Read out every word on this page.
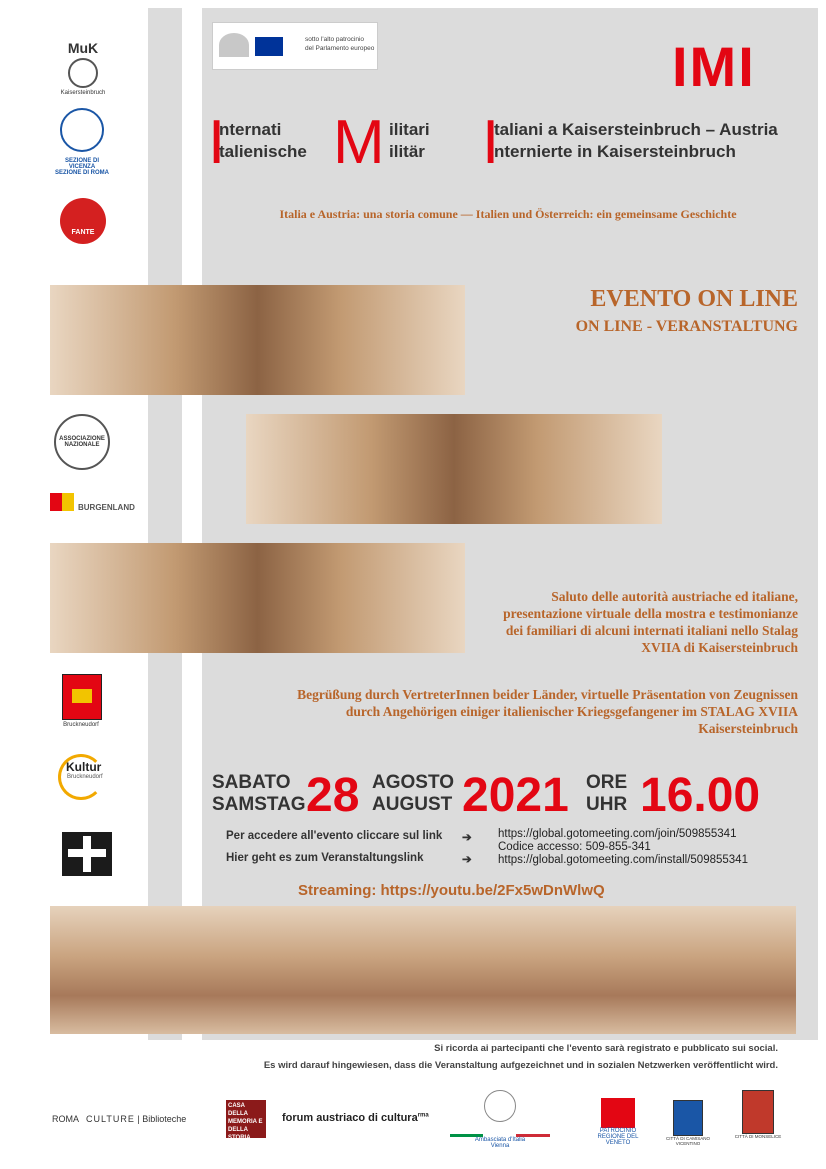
MuK
Kaisersteinbruch
SEZIONE DI VICENZA
SEZIONE DI ROMA
FANTE
ASSOCIAZIONE NAZIONALE
BURGENLAND
Bruckneudorf
Kultur
Bruckneudorf
sotto l'alto patrocinio
del Parlamento europeo	IMI
I
nternati
talienische M ilitari
ilitär I
taliani a Kaisersteinbruch – Austria
nternierte in Kaisersteinbruch
Italia e Austria: una storia comune — Italien und Österreich: ein gemeinsame Geschichte
EVENTO ON LINE
ON LINE - VERANSTALTUNG
Saluto delle autorità austriache ed italiane, presentazione virtuale della mostra e testimonianze dei familiari di alcuni internati italiani nello Stalag XVIIA di Kaisersteinbruch
Begrüßung durch VertreterInnen beider Länder, virtuelle Präsentation von Zeugnissen durch Angehörigen einiger italienischer Kriegsgefangener im STALAG XVIIA Kaisersteinbruch
SABATO
SAMSTAG 28 AGOSTO
AUGUST 2021 ORE
UHR 16.00
Per accedere all'evento cliccare sul link ➔
Hier geht es zum Veranstaltungslink	➔
https://global.gotomeeting.com/join/509855341
Codice accesso: 509-855-341
https://global.gotomeeting.com/install/509855341
Streaming: https://youtu.be/2Fx5wDnWlwQ
Si ricorda ai partecipanti che l'evento sarà registrato e pubblicato sui social.
Es wird darauf hingewiesen, dass die Veranstaltung aufgezeichnet und in sozialen Netzwerken veröffentlicht wird.
ROMA CULTURE | Biblioteche
CASA DELLA MEMORIA E DELLA STORIA
forum austriaco di cultura$^{rma}$
Ambasciata d'Italia
Vienna
PATROCINIO
REGIONE DEL VENETO
CITTÀ DI CAMISANO VICENTINO
CITTÀ DI MONSELICE
